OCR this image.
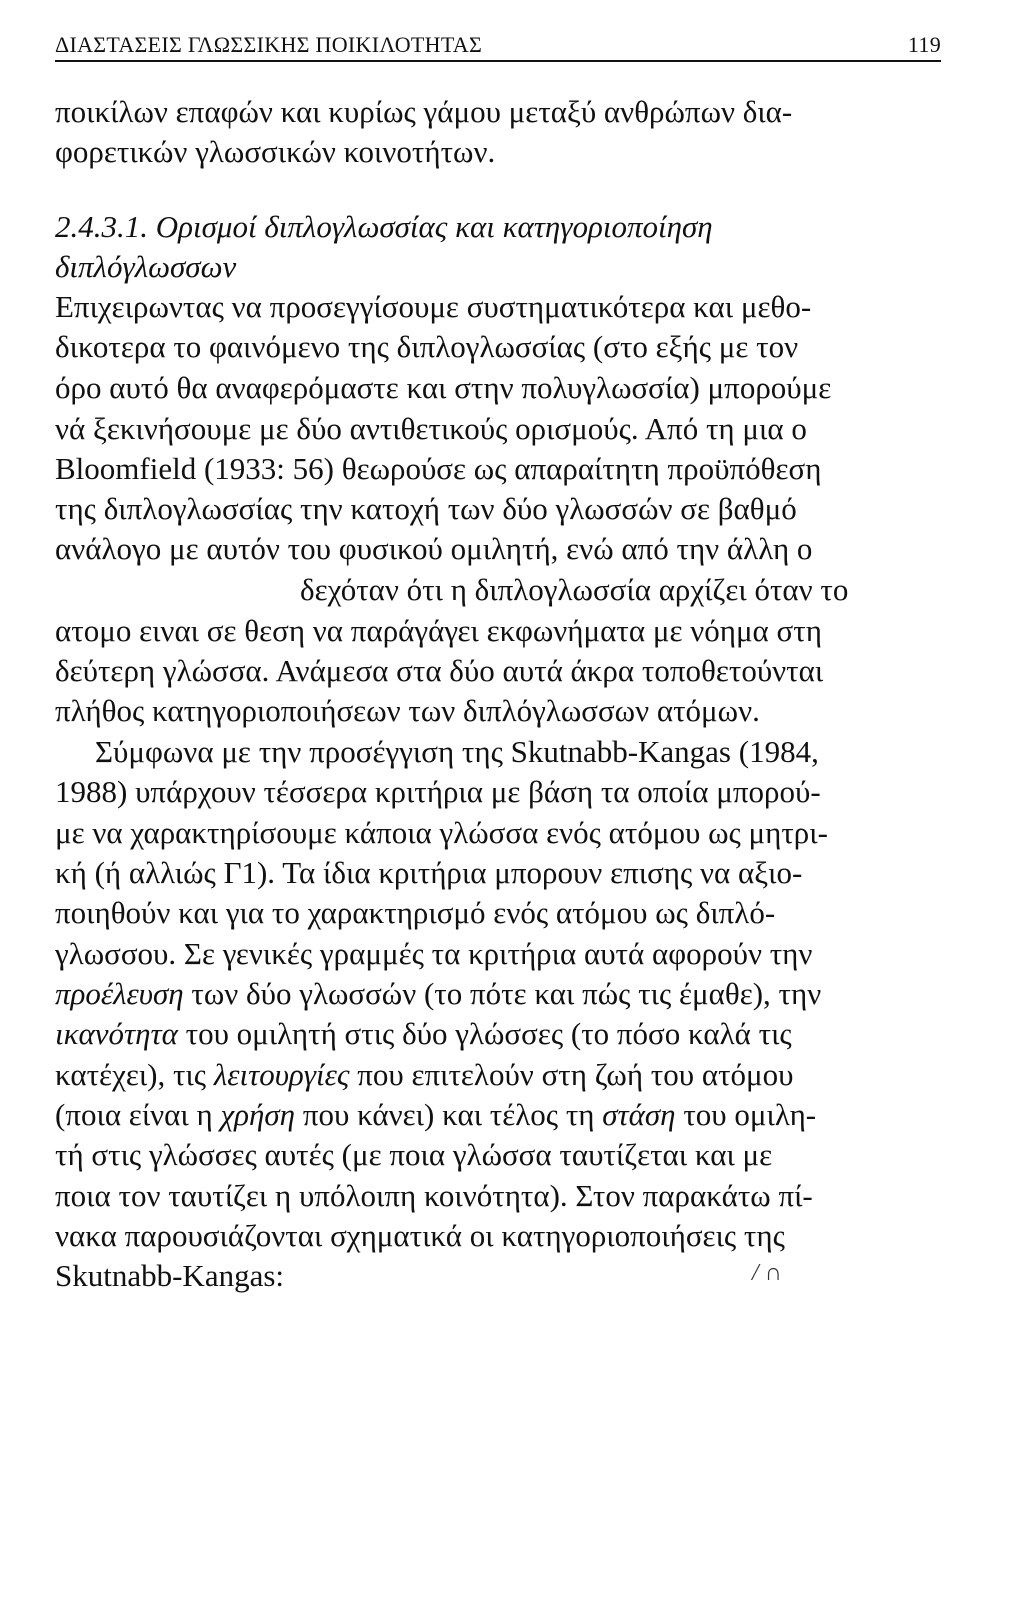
ΔΙΑΣΤΑΣΕΙΣ ΓΛΩΣΣΙΚΗΣ ΠΟΙΚΙΛΟΤΗΤΑΣ	119
ποικίλων επαφών και κυρίως γάμου μεταξύ ανθρώπων δια-
φορετικών γλωσσικών κοινοτήτων.
2.4.3.1. Ορισμοί διπλογλωσσίας και κατηγοριοποίηση
διπλόγλωσσων
Επιχειρωντας να προσεγγίσουμε συστηματικότερα και μεθο-
δικοτερα το φαινόμενο της διπλογλωσσίας (στο εξής με τον
όρο αυτό θα αναφερόμαστε και στην πολυγλωσσία) μπορούμε
νά ξεκινήσουμε με δύο αντιθετικούς ορισμούς. Από τη μια ο
Bloomfield (1933: 56) θεωρούσε ως απαραίτητη προϋπόθεση
της διπλογλωσσίας την κατοχή των δύο γλωσσών σε βαθμό
ανάλογο με αυτόν του φυσικού ομιλητή, ενώ από την άλλη ο
δεχόταν ότι η διπλογλωσσία αρχίζει όταν το
ατομο ειναι σε θεση να παράγάγει εκφωνήματα με νόημα στη
δεύτερη γλώσσα. Ανάμεσα στα δύο αυτά άκρα τοποθετούνται
πλήθος κατηγοριοποιήσεων των διπλόγλωσσων ατόμων.
Σύμφωνα με την προσέγγιση της Skutnabb-Kangas (1984,
1988) υπάρχουν τέσσερα κριτήρια με βάση τα οποία μπορού-
με να χαρακτηρίσουμε κάποια γλώσσα ενός ατόμου ως μητρι-
κή (ή αλλιώς Γ1). Τα ίδια κριτήρια μπορουν επισης να αξιο-
ποιηθούν και για το χαρακτηρισμό ενός ατόμου ως διπλό-
γλωσσου. Σε γενικές γραμμές τα κριτήρια αυτά αφορούν την
προέλευση των δύο γλωσσών (το πότε και πώς τις έμαθε), την
ικανότητα του ομιλητή στις δύο γλώσσες (το πόσο καλά τις
κατέχει), τις λειτουργίες που επιτελούν στη ζωή του ατόμου
(ποια είναι η χρήση που κάνει) και τέλος τη στάση του ομιλη-
τή στις γλώσσες αυτές (με ποια γλώσσα ταυτίζεται και με
ποια τον ταυτίζει η υπόλοιπη κοινότητα). Στον παρακάτω πί-
νακα παρουσιάζονται σχηματικά οι κατηγοριοποιήσεις της
Skutnabb-Kangas:	/ ∩
